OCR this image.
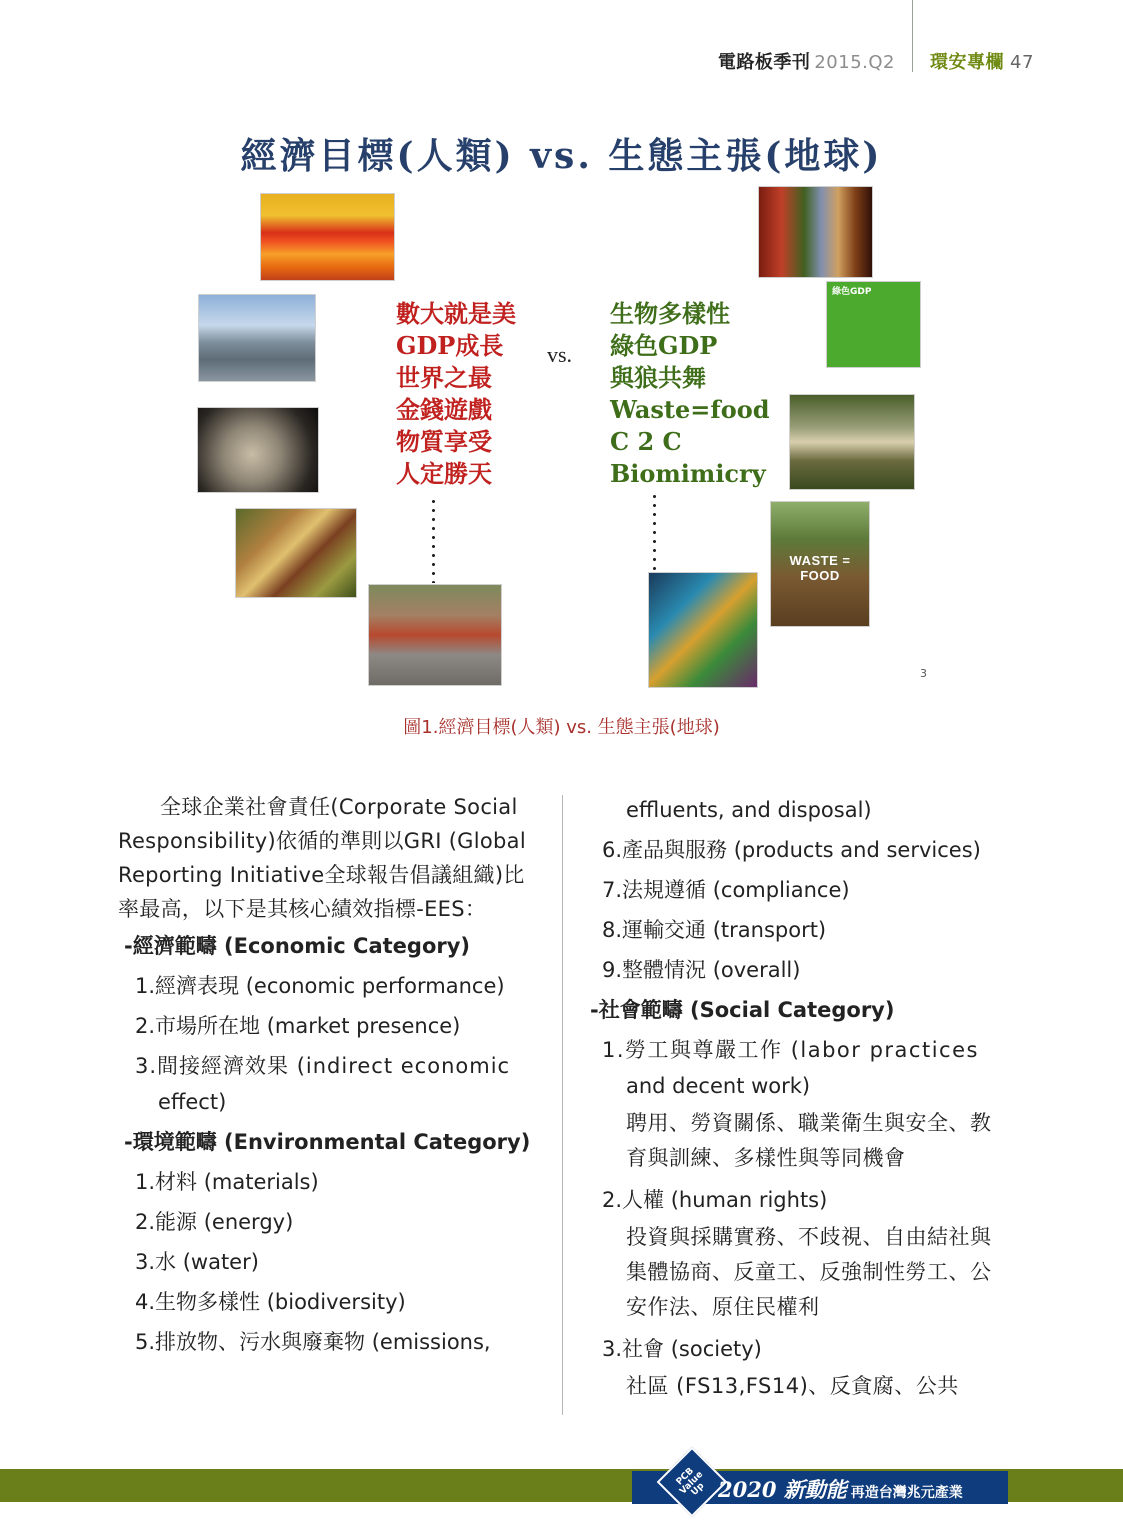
電路板季刊 2015.Q2 環安專欄 47
經濟目標(人類) vs. 生態主張(地球)
綠色GDP
WASTE = FOOD
數大就是美
GDP成長
世界之最
金錢遊戲
物質享受
人定勝天
vs.
生物多樣性
綠色GDP
與狼共舞
Waste=food
C 2 C
Biomimicry
3
圖1.經濟目標(人類) vs. 生態主張(地球)
全球企業社會責任(Corporate Social Responsibility)依循的準則以GRI (Global Reporting Initiative全球報告倡議組織)比率最高，以下是其核心績效指標-EES：
-經濟範疇 (Economic Category)
1.經濟表現 (economic performance)
2.市場所在地 (market presence)
3.間接經濟效果 (indirect economic
effect)
-環境範疇 (Environmental Category)
1.材料 (materials)
2.能源 (energy)
3.水 (water)
4.生物多樣性 (biodiversity)
5.排放物、污水與廢棄物 (emissions,
effluents, and disposal)
6.產品與服務 (products and services)
7.法規遵循 (compliance)
8.運輸交通 (transport)
9.整體情況 (overall)
-社會範疇 (Social Category)
1.勞工與尊嚴工作 (labor practices
and decent work)
聘用、勞資關係、職業衛生與安全、教育與訓練、多樣性與等同機會
2.人權 (human rights)
投資與採購實務、不歧視、自由結社與集體協商、反童工、反強制性勞工、公安作法、原住民權利
3.社會 (society)
社區 (FS13,FS14)、反貪腐、公共
PCB Value Up 2020 新動能 再造台灣兆元產業
